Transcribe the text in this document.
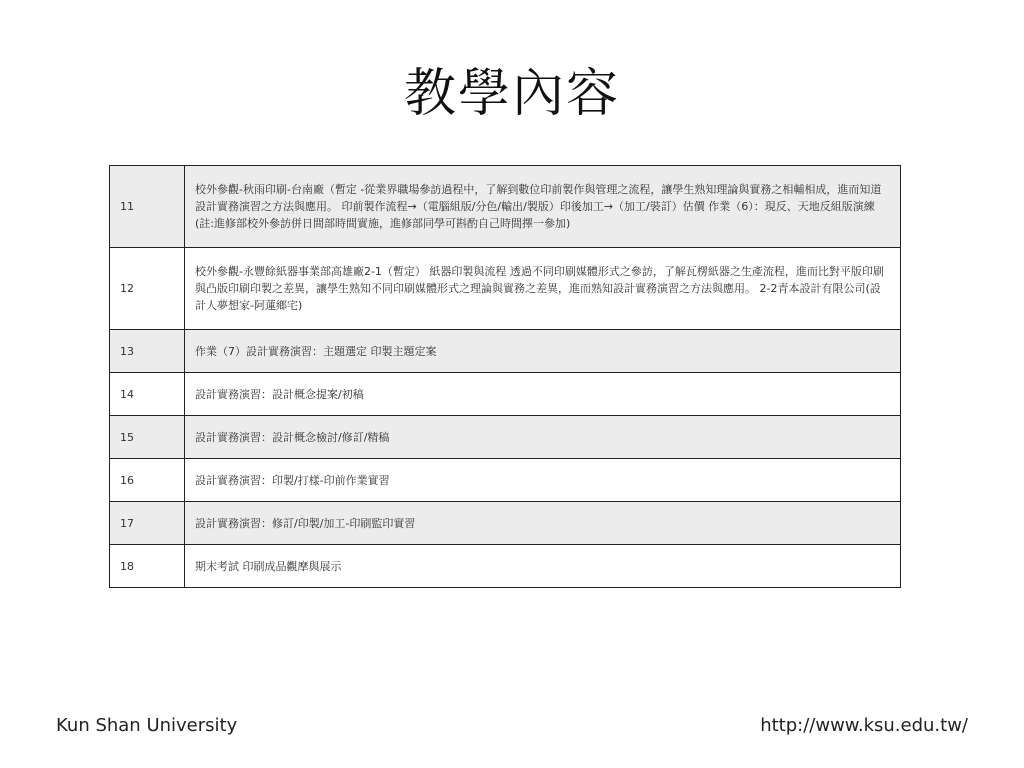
教學內容
11	校外參觀-秋雨印刷-台南廠（暫定 -從業界職場參訪過程中，了解到數位印前製作與管理之流程，讓學生熟知理論與實務之相輔相成，進而知道設計實務演習之方法與應用。 印前製作流程→（電腦組版/分色/輸出/製版）印後加工→（加工/裝訂）估價 作業（6）：現反、天地反組版演練 (註:進修部校外參訪併日間部時間實施，進修部同學可斟酌自己時間擇一參加)
12	校外參觀-永豐餘紙器事業部高雄廠2-1（暫定） 紙器印製與流程 透過不同印刷媒體形式之參訪，了解瓦楞紙器之生產流程，進而比對平版印刷與凸版印刷印製之差異，讓學生熟知不同印刷媒體形式之理論與實務之差異，進而熟知設計實務演習之方法與應用。 2-2青本設計有限公司(設計人夢想家-阿蓮鄉宅)
13	作業（7）設計實務演習：主題選定 印製主題定案
14	設計實務演習：設計概念提案/初稿
15	設計實務演習：設計概念檢討/修訂/精稿
16	設計實務演習：印製/打樣-印前作業實習
17	設計實務演習：修訂/印製/加工-印刷監印實習
18	期末考試 印刷成品觀摩與展示
Kun Shan University	http://www.ksu.edu.tw/
